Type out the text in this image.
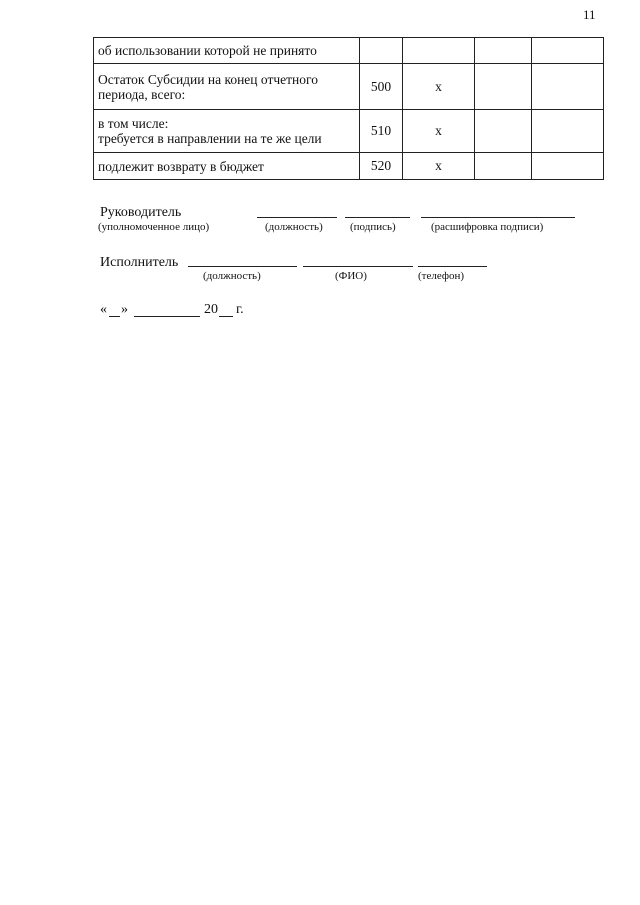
11
об использовании которой не принято				
Остаток Субсидии на конец отчетного периода, всего:	500	х		
в том числе:
требуется в направлении на те же цели	510	х		
подлежит возврату в бюджет	520	х		
Руководитель
(уполномоченное лицо)	(должность) (подпись)	(расшифровка подписи)
Исполнитель
(должность)	(ФИО)	(телефон)
« »	20 г.
